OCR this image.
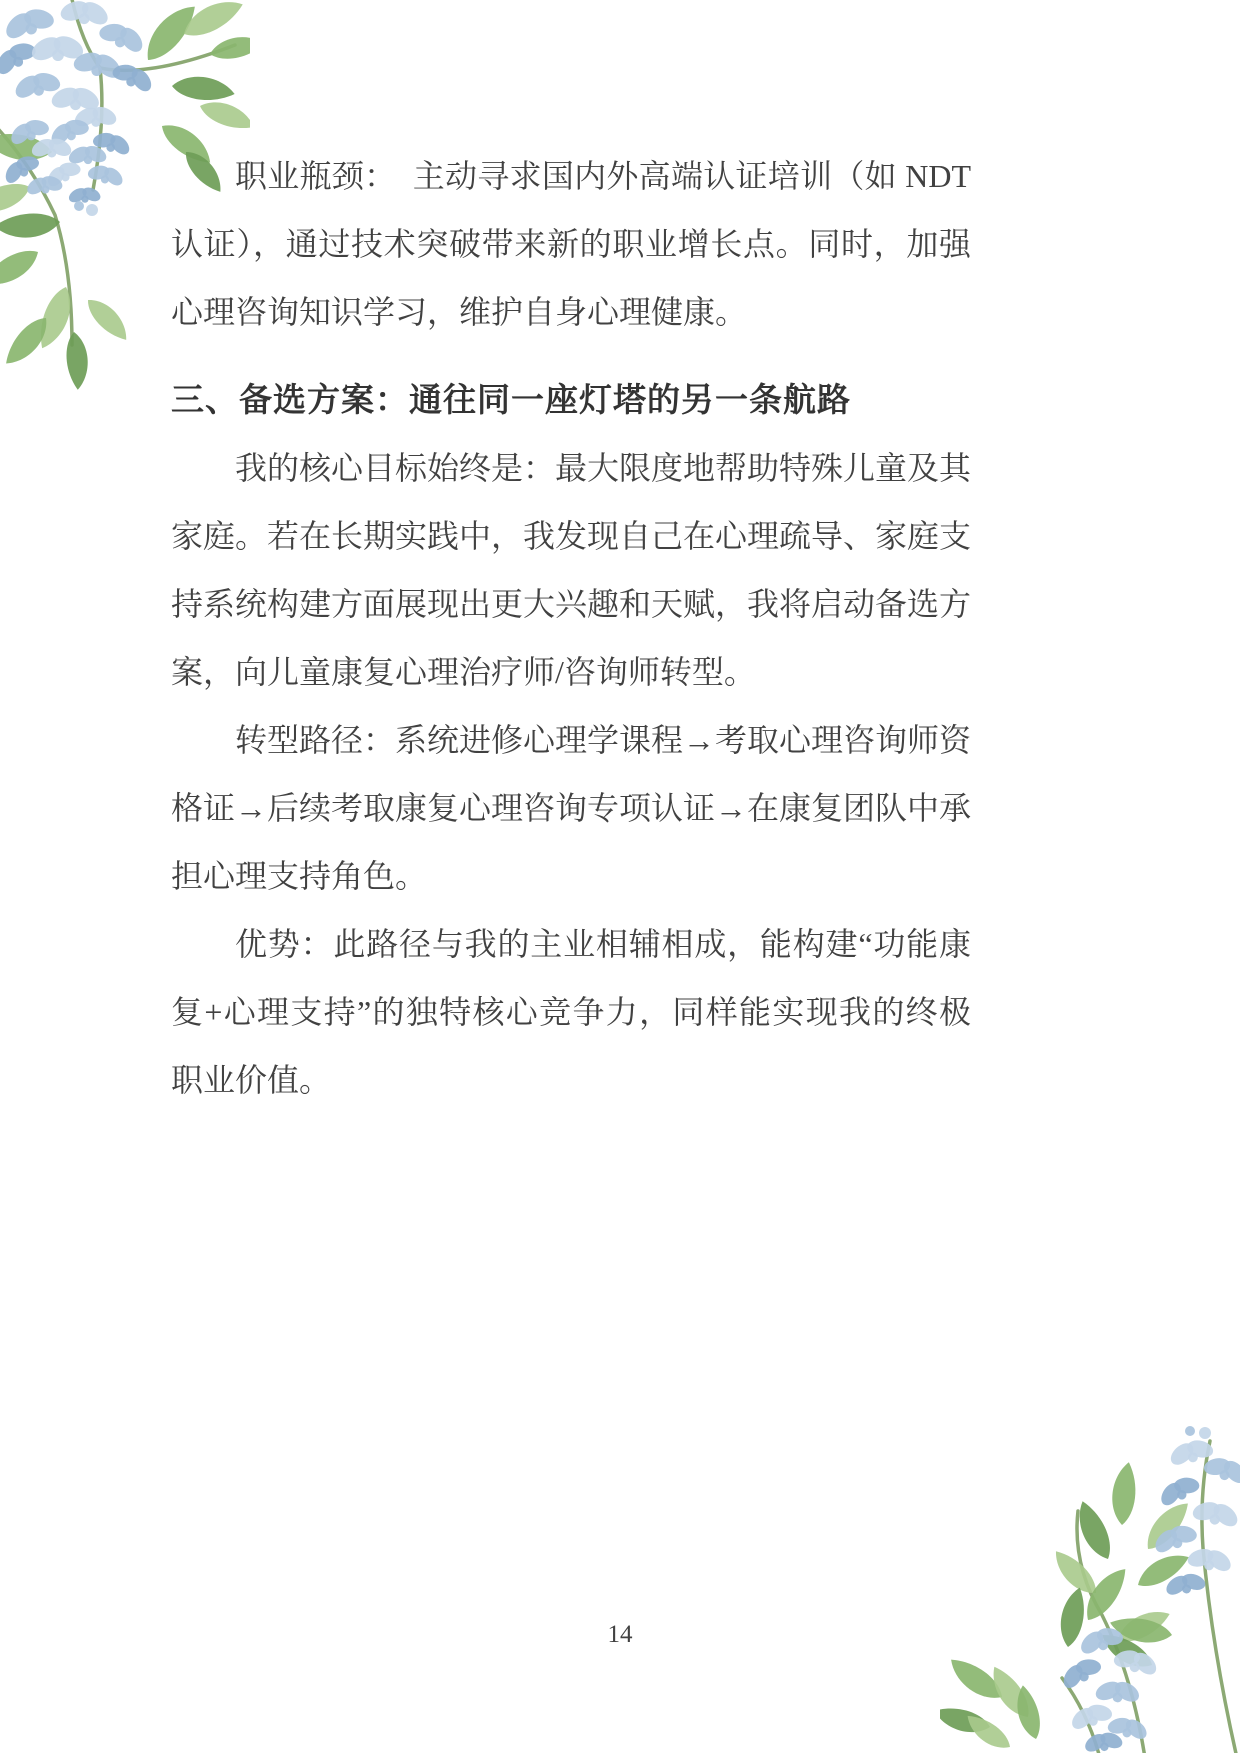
职业瓶颈：　主动寻求国内外高端认证培训（如 NDT 认证），通过技术突破带来新的职业增长点。同时，加强心理咨询知识学习，维护自身心理健康。

三、备选方案：通往同一座灯塔的另一条航路

我的核心目标始终是：最大限度地帮助特殊儿童及其家庭。若在长期实践中，我发现自己在心理疏导、家庭支持系统构建方面展现出更大兴趣和天赋，我将启动备选方案，向儿童康复心理治疗师/咨询师转型。

转型路径：系统进修心理学课程→考取心理咨询师资格证→后续考取康复心理咨询专项认证→在康复团队中承担心理支持角色。

优势：此路径与我的主业相辅相成，能构建“功能康复+心理支持”的独特核心竞争力，同样能实现我的终极职业价值。

14
